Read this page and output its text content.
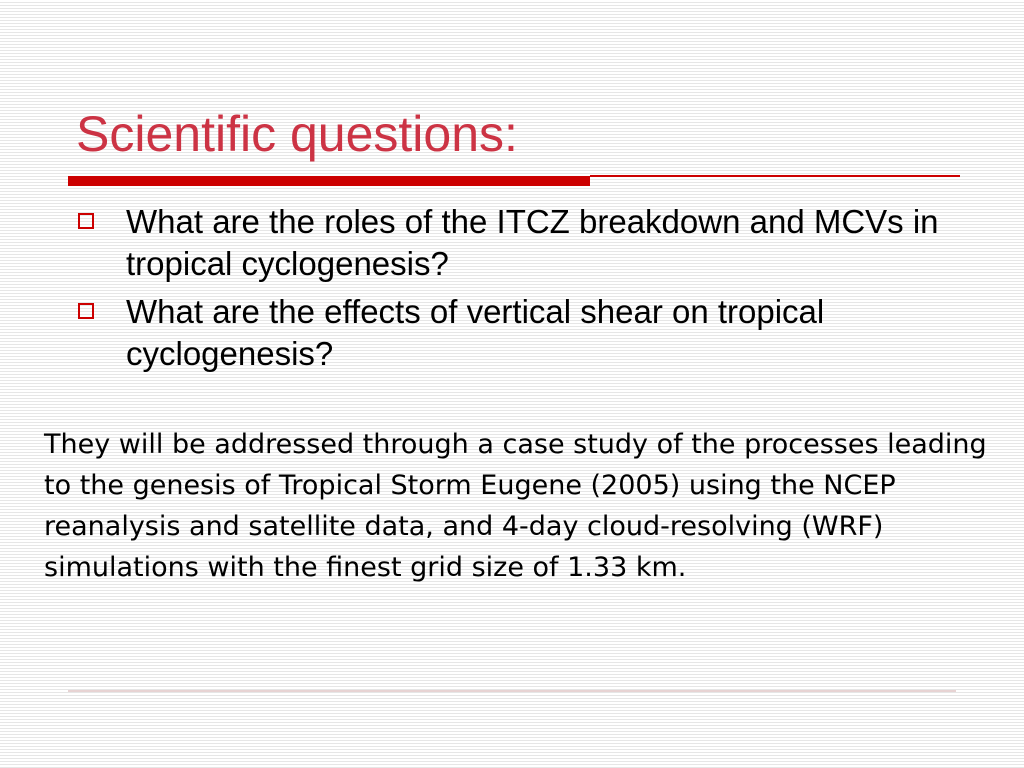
Scientific questions:
What are the roles of the ITCZ breakdown and MCVs in tropical cyclogenesis?
What are the effects of vertical shear on tropical cyclogenesis?

They will be addressed through a case study of the processes leading to the genesis of Tropical Storm Eugene (2005) using the NCEP reanalysis and satellite data, and 4-day cloud-resolving (WRF) simulations with the finest grid size of 1.33 km.
